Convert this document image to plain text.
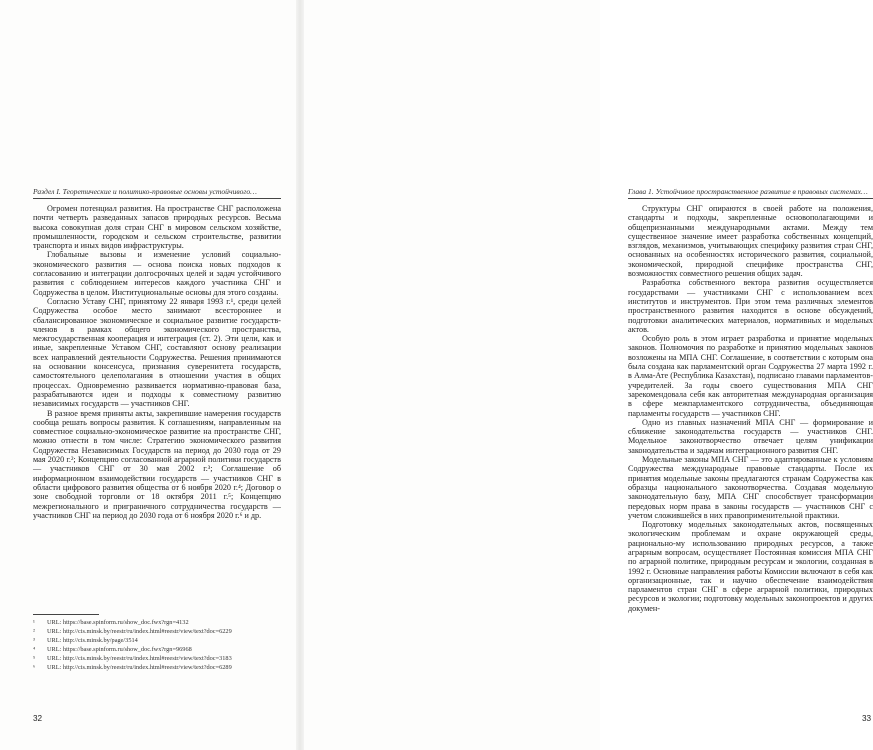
Раздел I. Теоретические и политико-правовые основы устойчивого…

Огромен потенциал развития. На пространстве СНГ расположена почти четверть разведанных запасов природных ресурсов. Весьма высока совокупная доля стран СНГ в мировом сельском хозяйстве, промышленности, городском и сельском строительстве, развитии транспорта и иных видов инфраструктуры.

Глобальные вызовы и изменение условий социально-экономического развития — основа поиска новых подходов к согласованию и интеграции долгосрочных целей и задач устойчивого развития с соблюдением интересов каждого участника СНГ и Содружества в целом. Институциональные основы для этого созданы.

Согласно Уставу СНГ, принятому 22 января 1993 г.¹, среди целей Содружества особое место занимают всестороннее и сбалансированное экономическое и социальное развитие государств-членов в рамках общего экономического пространства, межгосударственная кооперация и интеграция (ст. 2). Эти цели, как и иные, закрепленные Уставом СНГ, составляют основу реализации всех направлений деятельности Содружества. Решения принимаются на основании консенсуса, признания суверенитета государств, самостоятельного целеполагания в отношении участия в общих процессах. Одновременно развивается нормативно-правовая база, разрабатываются идеи и подходы к совместному развитию независимых государств — участников СНГ.

В разное время приняты акты, закрепившие намерения государств сообща решать вопросы развития. К соглашениям, направленным на совместное социально-экономическое развитие на пространстве СНГ, можно отнести в том числе: Стратегию экономического развития Содружества Независимых Государств на период до 2030 года от 29 мая 2020 г.²; Концепцию согласованной аграрной политики государств — участников СНГ от 30 мая 2002 г.³; Соглашение об информационном взаимодействии государств — участников СНГ в области цифрового развития общества от 6 ноября 2020 г.⁴; Договор о зоне свободной торговли от 18 октября 2011 г.⁵; Концепцию межрегионального и приграничного сотрудничества государств — участников СНГ на период до 2030 года от 6 ноября 2020 г.⁶ и др.

¹	URL: https://base.spinform.ru/show_doc.fwx?rgn=4132
²	URL: http://cis.minsk.by/reestr/ru/index.html#reestr/view/text?doc=6229
³	URL: http://cis.minsk.by/page/3514
⁴	URL: https://base.spinform.ru/show_doc.fwx?rgn=96968
⁵	URL: http://cis.minsk.by/reestr/ru/index.html#reestr/view/text?doc=3183
⁶	URL: http://cis.minsk.by/reestr/ru/index.html#reestr/view/text?doc=6289
32
Глава 1. Устойчивое пространственное развитие в правовых системах…

Структуры СНГ опираются в своей работе на положения, стандарты и подходы, закрепленные основополагающими и общепризнанными международными актами. Между тем существенное значение имеет разработка собственных концепций, взглядов, механизмов, учитывающих специфику развития стран СНГ, основанных на особенностях исторического развития, социальной, экономической, природной специфике пространства СНГ, возможностях совместного решения общих задач.

Разработка собственного вектора развития осуществляется государствами — участниками СНГ с использованием всех институтов и инструментов. При этом тема различных элементов пространственного развития находится в основе обсуждений, подготовки аналитических материалов, нормативных и модельных актов.

Особую роль в этом играет разработка и принятие модельных законов. Полномочия по разработке и принятию модельных законов возложены на МПА СНГ. Соглашение, в соответствии с которым она была создана как парламентский орган Содружества 27 марта 1992 г. в Алма-Ате (Республика Казахстан), подписано главами парламентов-учредителей. За годы своего существования МПА СНГ зарекомендовала себя как авторитетная международная организация в сфере межпарламентского сотрудничества, объединяющая парламенты государств — участников СНГ.

Одно из главных назначений МПА СНГ — формирование и сближение законодательства государств — участников СНГ. Модельное законотворчество отвечает целям унификации законодательства и задачам интеграционного развития СНГ.

Модельные законы МПА СНГ — это адаптированные к условиям Содружества международные правовые стандарты. После их принятия модельные законы предлагаются странам Содружества как образцы национального законотворчества. Создавая модельную законодательную базу, МПА СНГ способствует трансформации передовых норм права в законы государств — участников СНГ с учетом сложившейся в них правоприменительной практики.

Подготовку модельных законодательных актов, посвященных экологическим проблемам и охране окружающей среды, рационально-му использованию природных ресурсов, а также аграрным вопросам, осуществляет Постоянная комиссия МПА СНГ по аграрной политике, природным ресурсам и экологии, созданная в 1992 г. Основные направления работы Комиссии включают в себя как организационные, так и научно обеспечение взаимодействия парламентов стран СНГ в сфере аграрной политики, природных ресурсов и экологии; подготовку модельных законопроектов и других докумен-

33
